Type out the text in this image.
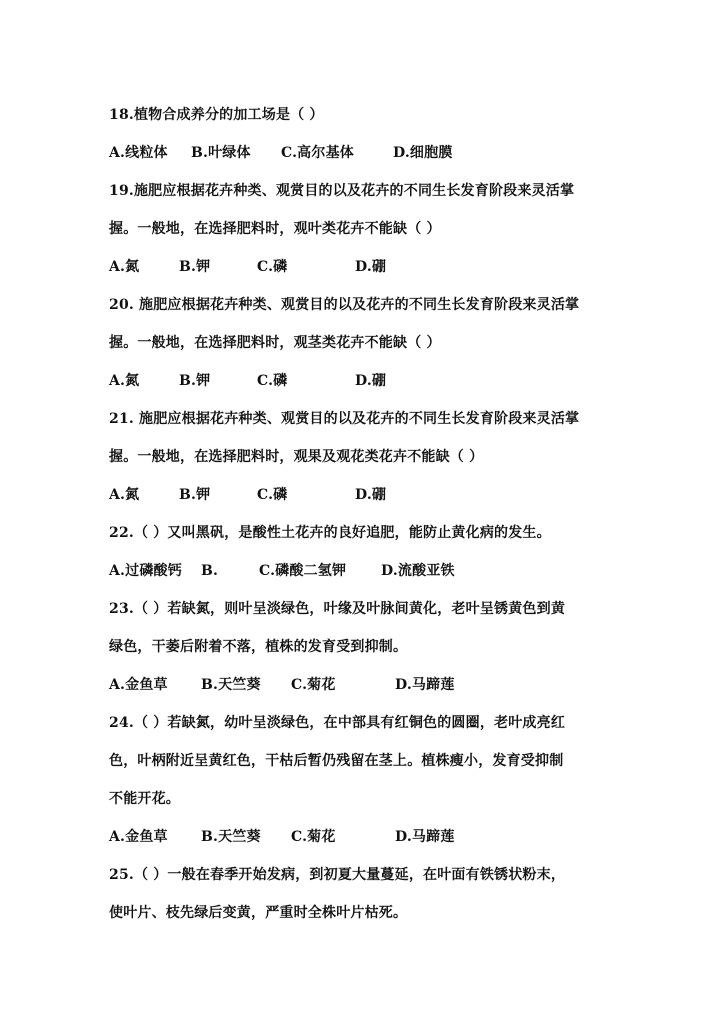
18.植物合成养分的加工场是（ ）
A.线粒体 B.叶绿体 C.高尔基体	D.细胞膜
19.施肥应根据花卉种类、观赏目的以及花卉的不同生长发育阶段来灵活掌
握。一般地，在选择肥料时，观叶类花卉不能缺（ ）
A.氮	B.钾	C.磷	D.硼
20. 施肥应根据花卉种类、观赏目的以及花卉的不同生长发育阶段来灵活掌
握。一般地，在选择肥料时，观茎类花卉不能缺（ ）
A.氮	B.钾	C.磷	D.硼
21. 施肥应根据花卉种类、观赏目的以及花卉的不同生长发育阶段来灵活掌
握。一般地，在选择肥料时，观果及观花类花卉不能缺（ ）
A.氮	B.钾	C.磷	D.硼
22.（ ）又叫黑矾，是酸性土花卉的良好追肥，能防止黄化病的发生。
A.过磷酸钙 B.	C.磷酸二氢钾 D.流酸亚铁
23.（ ）若缺氮，则叶呈淡绿色，叶缘及叶脉间黄化，老叶呈锈黄色到黄
绿色，干萎后附着不落，植株的发育受到抑制。
A.金鱼草 B.天竺葵 C.菊花	D.马蹄莲
24.（ ）若缺氮，幼叶呈淡绿色，在中部具有红铜色的圆圈，老叶成亮红
色，叶柄附近呈黄红色，干枯后暂仍残留在茎上。植株瘦小，发育受抑制
不能开花。
A.金鱼草 B.天竺葵 C.菊花	D.马蹄莲
25.（ ）一般在春季开始发病，到初夏大量蔓延，在叶面有铁锈状粉末，
使叶片、枝先绿后变黄，严重时全株叶片枯死。
